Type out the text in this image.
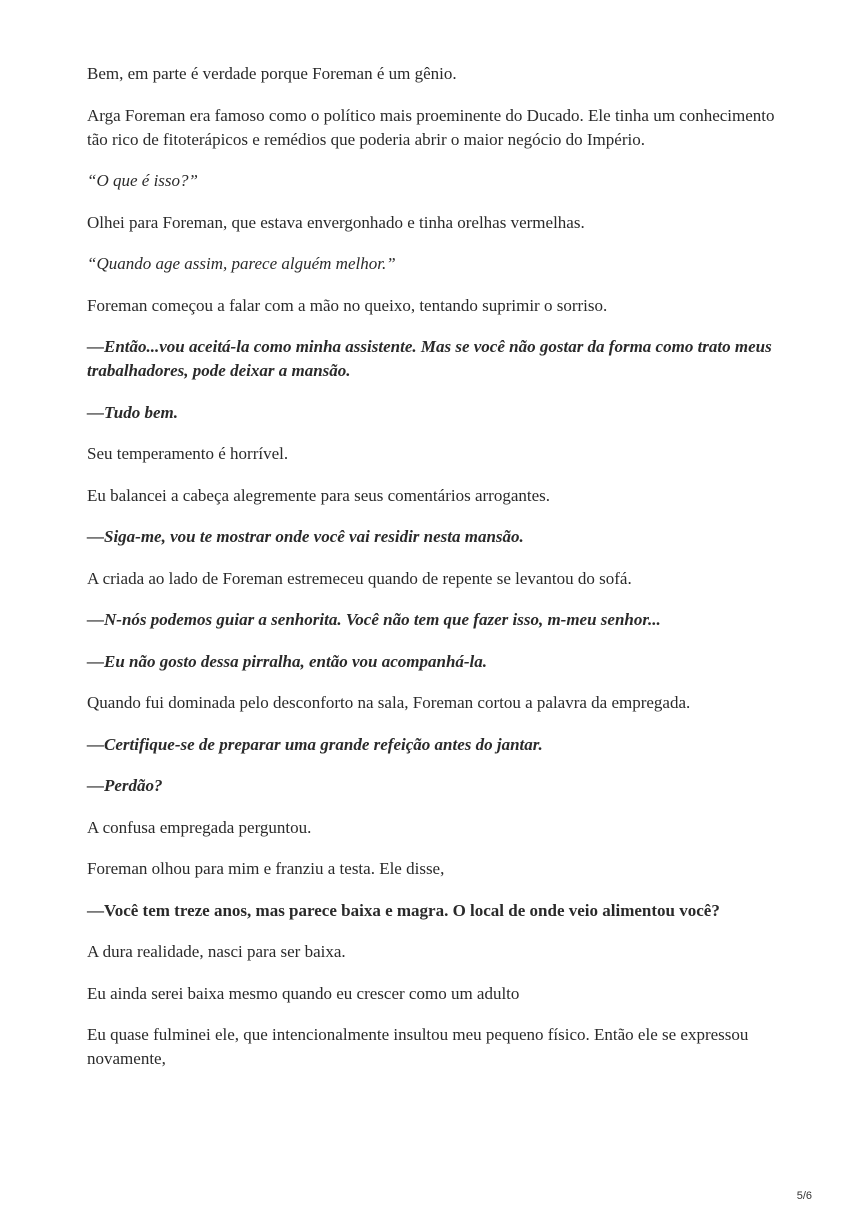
Bem, em parte é verdade porque Foreman é um gênio.

Arga Foreman era famoso como o político mais proeminente do Ducado. Ele tinha um conhecimento tão rico de fitoterápicos e remédios que poderia abrir o maior negócio do Império.

“O que é isso?”

Olhei para Foreman, que estava envergonhado e tinha orelhas vermelhas.

“Quando age assim, parece alguém melhor.”

Foreman começou a falar com a mão no queixo, tentando suprimir o sorriso.

—Então...vou aceitá-la como minha assistente. Mas se você não gostar da forma como trato meus trabalhadores, pode deixar a mansão.

—Tudo bem.

Seu temperamento é horrível.

Eu balancei a cabeça alegremente para seus comentários arrogantes.

—Siga-me, vou te mostrar onde você vai residir nesta mansão.

A criada ao lado de Foreman estremeceu quando de repente se levantou do sofá.

—N-nós podemos guiar a senhorita. Você não tem que fazer isso, m-meu senhor...

—Eu não gosto dessa pirralha, então vou acompanhá-la.

Quando fui dominada pelo desconforto na sala, Foreman cortou a palavra da empregada.

—Certifique-se de preparar uma grande refeição antes do jantar.

—Perdão?

A confusa empregada perguntou.

Foreman olhou para mim e franziu a testa. Ele disse,

—Você tem treze anos, mas parece baixa e magra. O local de onde veio alimentou você?

A dura realidade, nasci para ser baixa.

Eu ainda serei baixa mesmo quando eu crescer como um adulto

Eu quase fulminei ele, que intencionalmente insultou meu pequeno físico. Então ele se expressou novamente,

5/6
